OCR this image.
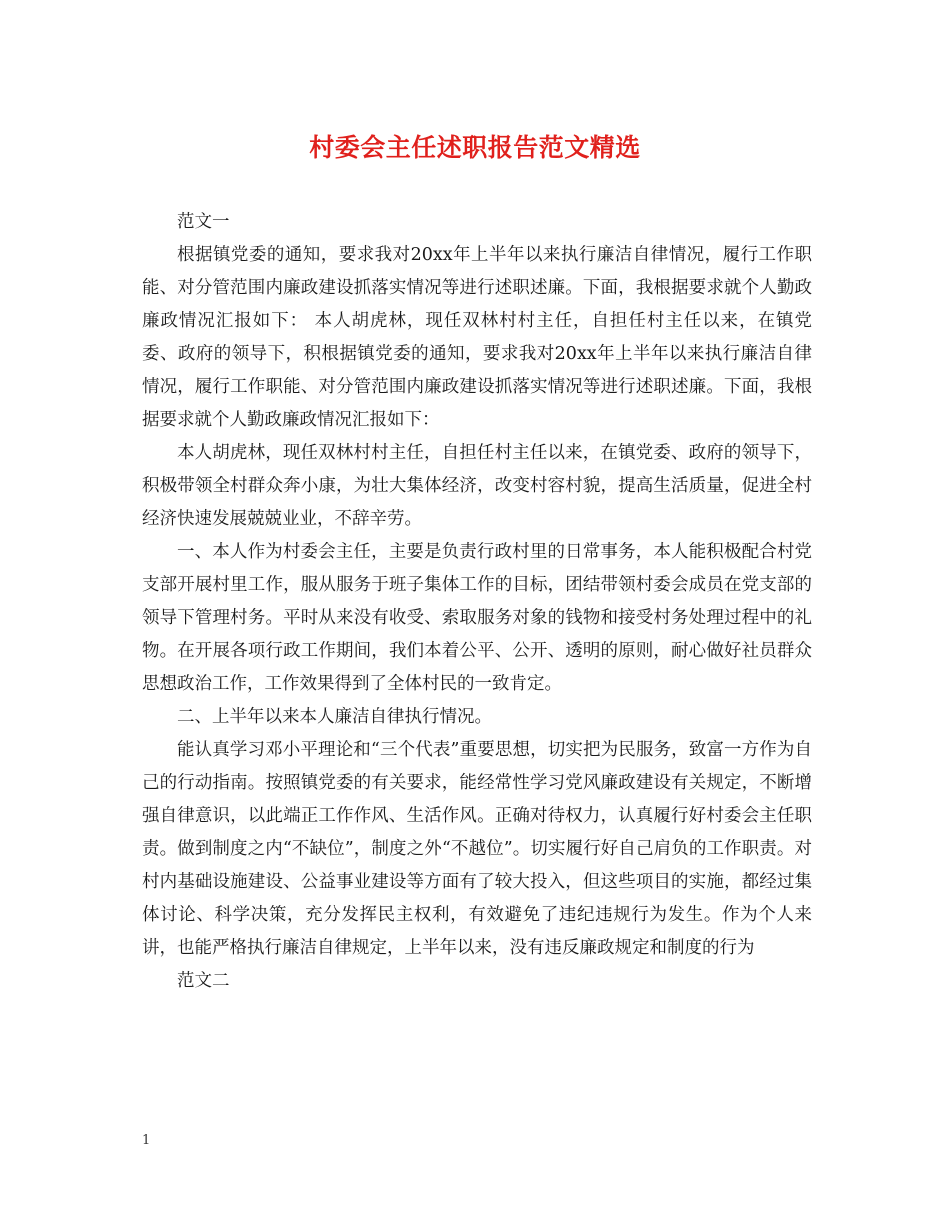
村委会主任述职报告范文精选

范文一

根据镇党委的通知，要求我对20xx年上半年以来执行廉洁自律情况，履行工作职能、对分管范围内廉政建设抓落实情况等进行述职述廉。下面，我根据要求就个人勤政廉政情况汇报如下： 本人胡虎林，现任双林村村主任，自担任村主任以来，在镇党委、政府的领导下，积根据镇党委的通知，要求我对20xx年上半年以来执行廉洁自律情况，履行工作职能、对分管范围内廉政建设抓落实情况等进行述职述廉。下面，我根据要求就个人勤政廉政情况汇报如下：

本人胡虎林，现任双林村村主任，自担任村主任以来，在镇党委、政府的领导下，积极带领全村群众奔小康，为壮大集体经济，改变村容村貌，提高生活质量，促进全村经济快速发展兢兢业业，不辞辛劳。

一、本人作为村委会主任，主要是负责行政村里的日常事务，本人能积极配合村党支部开展村里工作，服从服务于班子集体工作的目标，团结带领村委会成员在党支部的领导下管理村务。平时从来没有收受、索取服务对象的钱物和接受村务处理过程中的礼物。在开展各项行政工作期间，我们本着公平、公开、透明的原则，耐心做好社员群众思想政治工作，工作效果得到了全体村民的一致肯定。

二、上半年以来本人廉洁自律执行情况。

能认真学习邓小平理论和“三个代表”重要思想，切实把为民服务，致富一方作为自己的行动指南。按照镇党委的有关要求，能经常性学习党风廉政建设有关规定，不断增强自律意识，以此端正工作作风、生活作风。正确对待权力，认真履行好村委会主任职责。做到制度之内“不缺位”，制度之外“不越位”。切实履行好自己肩负的工作职责。对村内基础设施建设、公益事业建设等方面有了较大投入，但这些项目的实施，都经过集体讨论、科学决策，充分发挥民主权利，有效避免了违纪违规行为发生。作为个人来讲，也能严格执行廉洁自律规定，上半年以来，没有违反廉政规定和制度的行为

范文二

1
